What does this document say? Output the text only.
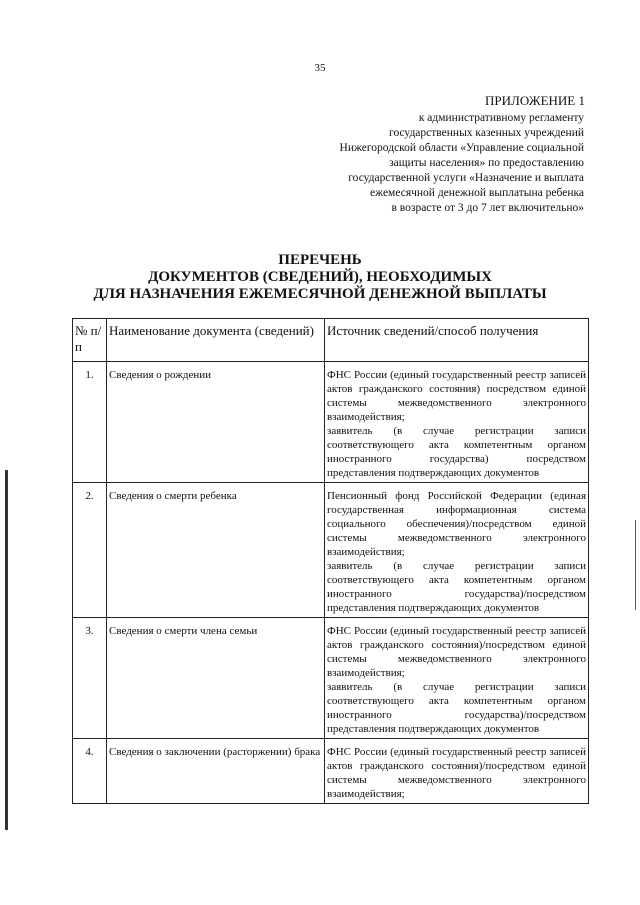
35
ПРИЛОЖЕНИЕ 1
к административному регламенту
государственных казенных учреждений
Нижегородской области «Управление социальной
защиты населения» по предоставлению
государственной услуги «Назначение и выплата
ежемесячной денежной выплатына ребенка
в возрасте от 3 до 7 лет включительно»
ПЕРЕЧЕНЬ
ДОКУМЕНТОВ (СВЕДЕНИЙ), НЕОБХОДИМЫХ
ДЛЯ НАЗНАЧЕНИЯ ЕЖЕМЕСЯЧНОЙ ДЕНЕЖНОЙ ВЫПЛАТЫ
№ п/п	Наименование документа (сведений)	Источник сведений/способ получения
1.	Сведения о рождении	ФНС России (единый государственный реестр записей актов гражданского состояния) посредством единой системы межведомственного электронного взаимодействия;
заявитель (в случае регистрации записи соответствующего акта компетентным органом иностранного государства) посредством представления подтверждающих документов

2.	Сведения о смерти ребенка	Пенсионный фонд Российской Федерации (единая государственная информационная система социального обеспечения)/посредством единой системы межведомственного электронного взаимодействия;
заявитель (в случае регистрации записи соответствующего акта компетентным органом иностранного государства)/посредством представления подтверждающих документов

3.	Сведения о смерти члена семьи	ФНС России (единый государственный реестр записей актов гражданского состояния)/посредством единой системы межведомственного электронного взаимодействия;
заявитель (в случае регистрации записи соответствующего акта компетентным органом иностранного государства)/посредством представления подтверждающих документов

4.	Сведения о заключении (расторжении) брака	ФНС России (единый государственный реестр записей актов гражданского состояния)/посредством единой системы межведомственного электронного взаимодействия;
